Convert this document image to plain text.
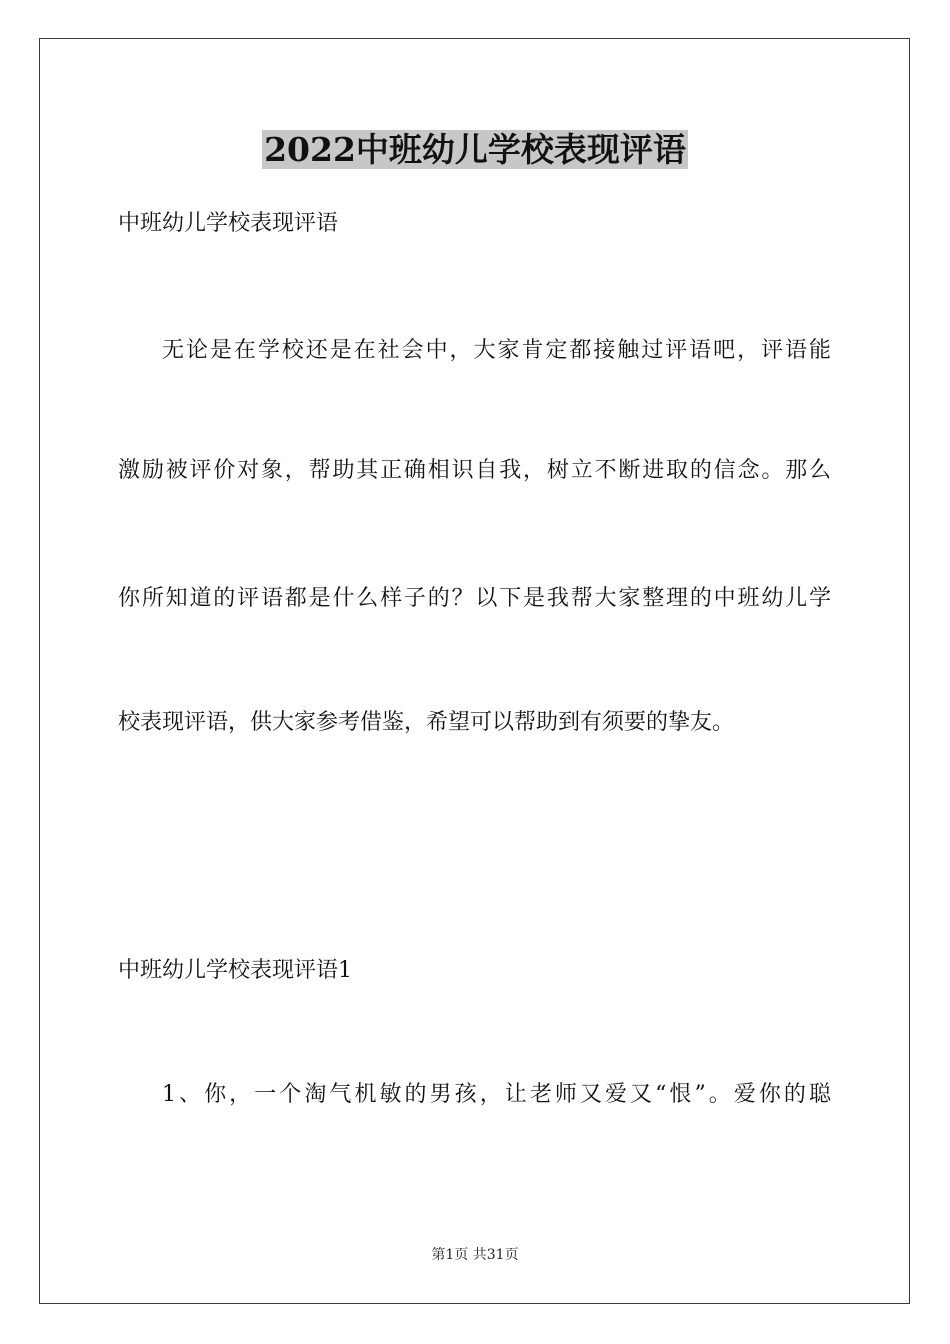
2022中班幼儿学校表现评语
中班幼儿学校表现评语
无论是在学校还是在社会中，大家肯定都接触过评语吧，评语能
激励被评价对象，帮助其正确相识自我，树立不断进取的信念。那么
你所知道的评语都是什么样子的？以下是我帮大家整理的中班幼儿学
校表现评语，供大家参考借鉴，希望可以帮助到有须要的挚友。
中班幼儿学校表现评语1
1、你，一个淘气机敏的男孩，让老师又爱又“恨”。爱你的聪
第1页 共31页
